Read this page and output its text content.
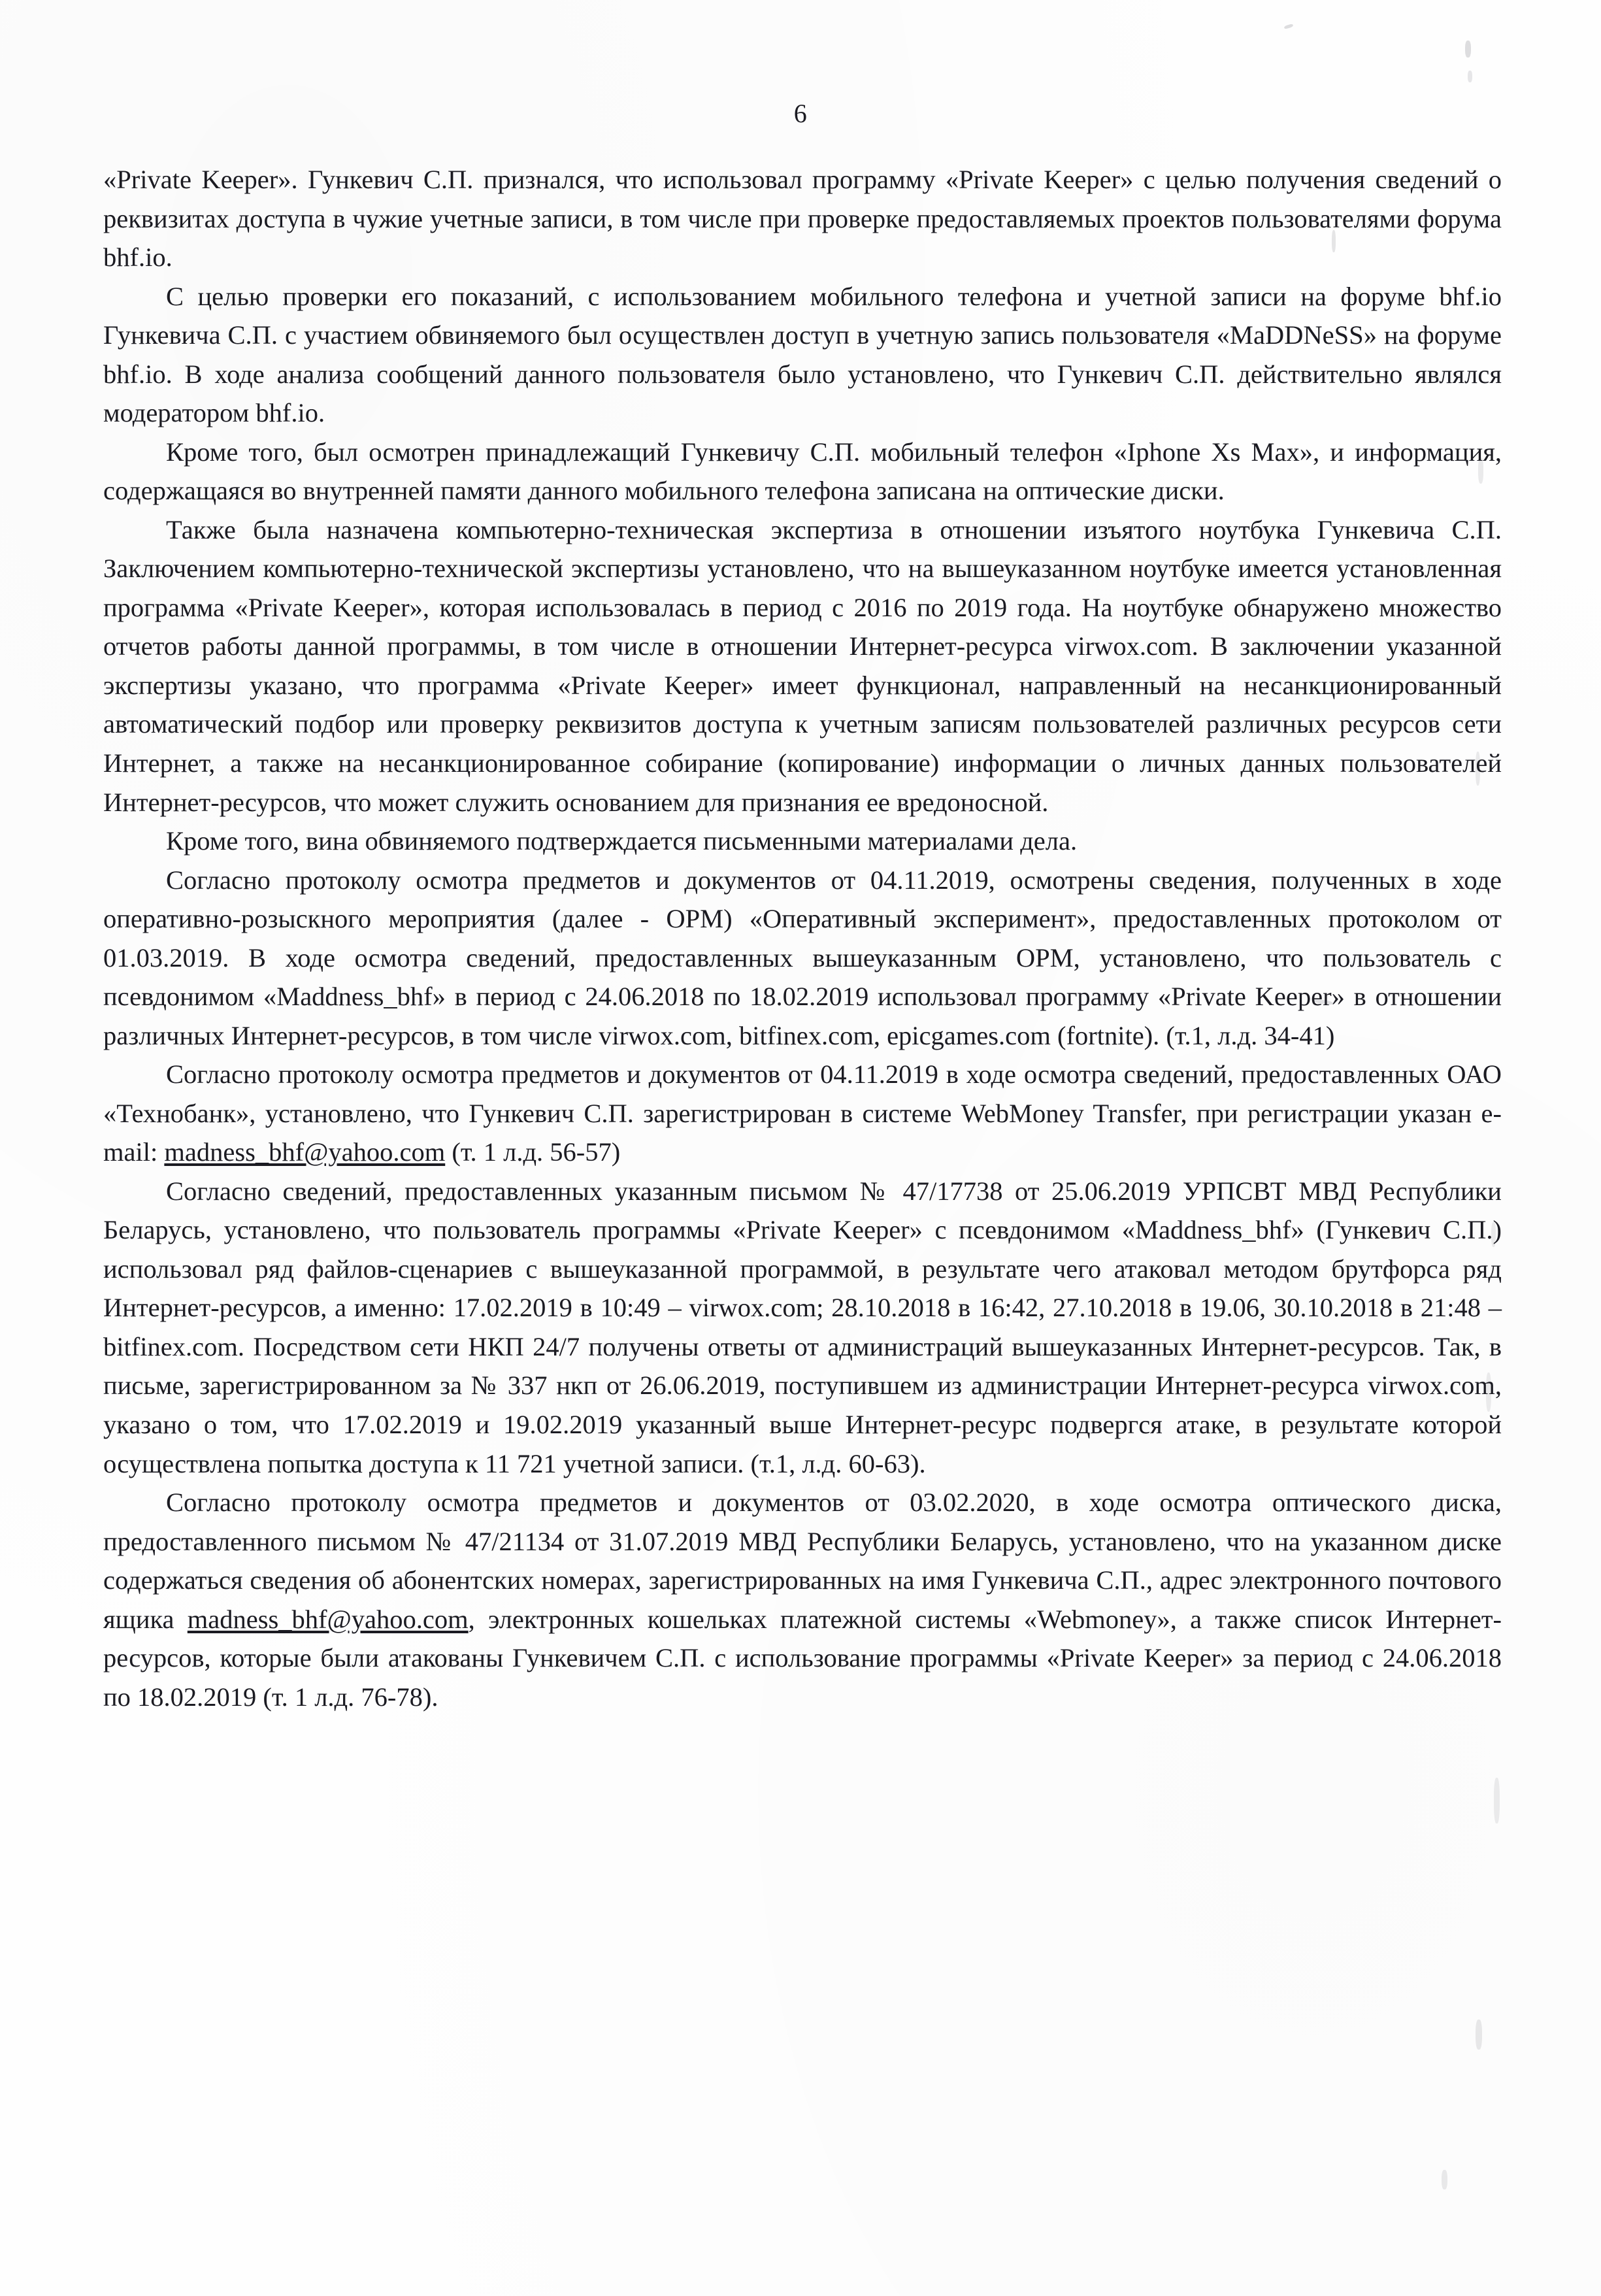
6

«Private Keeper». Гункевич С.П. признался, что использовал программу «Private Keeper» с целью получения сведений о реквизитах доступа в чужие учетные записи, в том числе при проверке предоставляемых проектов пользователями форума bhf.io.

С целью проверки его показаний, с использованием мобильного телефона и учетной записи на форуме bhf.io Гункевича С.П. с участием обвиняемого был осуществлен доступ в учетную запись пользователя «MaDDNeSS» на форуме bhf.io. В ходе анализа сообщений данного пользователя было установлено, что Гункевич С.П. действительно являлся модератором bhf.io.

Кроме того, был осмотрен принадлежащий Гункевичу С.П. мобильный телефон «Iphone Xs Max», и информация, содержащаяся во внутренней памяти данного мобильного телефона записана на оптические диски.

Также была назначена компьютерно-техническая экспертиза в отношении изъятого ноутбука Гункевича С.П. Заключением компьютерно-технической экспертизы установлено, что на вышеуказанном ноутбуке имеется установленная программа «Private Keeper», которая использовалась в период с 2016 по 2019 года. На ноутбуке обнаружено множество отчетов работы данной программы, в том числе в отношении Интернет-ресурса virwox.com. В заключении указанной экспертизы указано, что программа «Private Keeper» имеет функционал, направленный на несанкционированный автоматический подбор или проверку реквизитов доступа к учетным записям пользователей различных ресурсов сети Интернет, а также на несанкционированное собирание (копирование) информации о личных данных пользователей Интернет-ресурсов, что может служить основанием для признания ее вредоносной.

Кроме того, вина обвиняемого подтверждается письменными материалами дела.

Согласно протоколу осмотра предметов и документов от 04.11.2019, осмотрены сведения, полученных в ходе оперативно-розыскного мероприятия (далее - ОРМ) «Оперативный эксперимент», предоставленных протоколом от 01.03.2019. В ходе осмотра сведений, предоставленных вышеуказанным ОРМ, установлено, что пользователь с псевдонимом «Maddness_bhf» в период с 24.06.2018 по 18.02.2019 использовал программу «Private Keeper» в отношении различных Интернет-ресурсов, в том числе virwox.com, bitfinex.com, epicgames.com (fortnite). (т.1, л.д. 34-41)

Согласно протоколу осмотра предметов и документов от 04.11.2019 в ходе осмотра сведений, предоставленных ОАО «Технобанк», установлено, что Гункевич С.П. зарегистрирован в системе WebMoney Transfer, при регистрации указан e-mail: madness_bhf@yahoo.com (т. 1 л.д. 56-57)

Согласно сведений, предоставленных указанным письмом № 47/17738 от 25.06.2019 УРПСВТ МВД Республики Беларусь, установлено, что пользователь программы «Private Keeper» с псевдонимом «Maddness_bhf» (Гункевич С.П.) использовал ряд файлов-сценариев с вышеуказанной программой, в результате чего атаковал методом брутфорса ряд Интернет-ресурсов, а именно: 17.02.2019 в 10:49 – virwox.com; 28.10.2018 в 16:42, 27.10.2018 в 19.06, 30.10.2018 в 21:48 – bitfinex.com. Посредством сети НКП 24/7 получены ответы от администраций вышеуказанных Интернет-ресурсов. Так, в письме, зарегистрированном за № 337 нкп от 26.06.2019, поступившем из администрации Интернет-ресурса virwox.com, указано о том, что 17.02.2019 и 19.02.2019 указанный выше Интернет-ресурс подвергся атаке, в результате которой осуществлена попытка доступа к 11 721 учетной записи. (т.1, л.д. 60-63).

Согласно протоколу осмотра предметов и документов от 03.02.2020, в ходе осмотра оптического диска, предоставленного письмом № 47/21134 от 31.07.2019 МВД Республики Беларусь, установлено, что на указанном диске содержаться сведения об абонентских номерах, зарегистрированных на имя Гункевича С.П., адрес электронного почтового ящика madness_bhf@yahoo.com, электронных кошельках платежной системы «Webmoney», а также список Интернет-ресурсов, которые были атакованы Гункевичем С.П. с использование программы «Private Keeper» за период с 24.06.2018 по 18.02.2019 (т. 1 л.д. 76-78).
